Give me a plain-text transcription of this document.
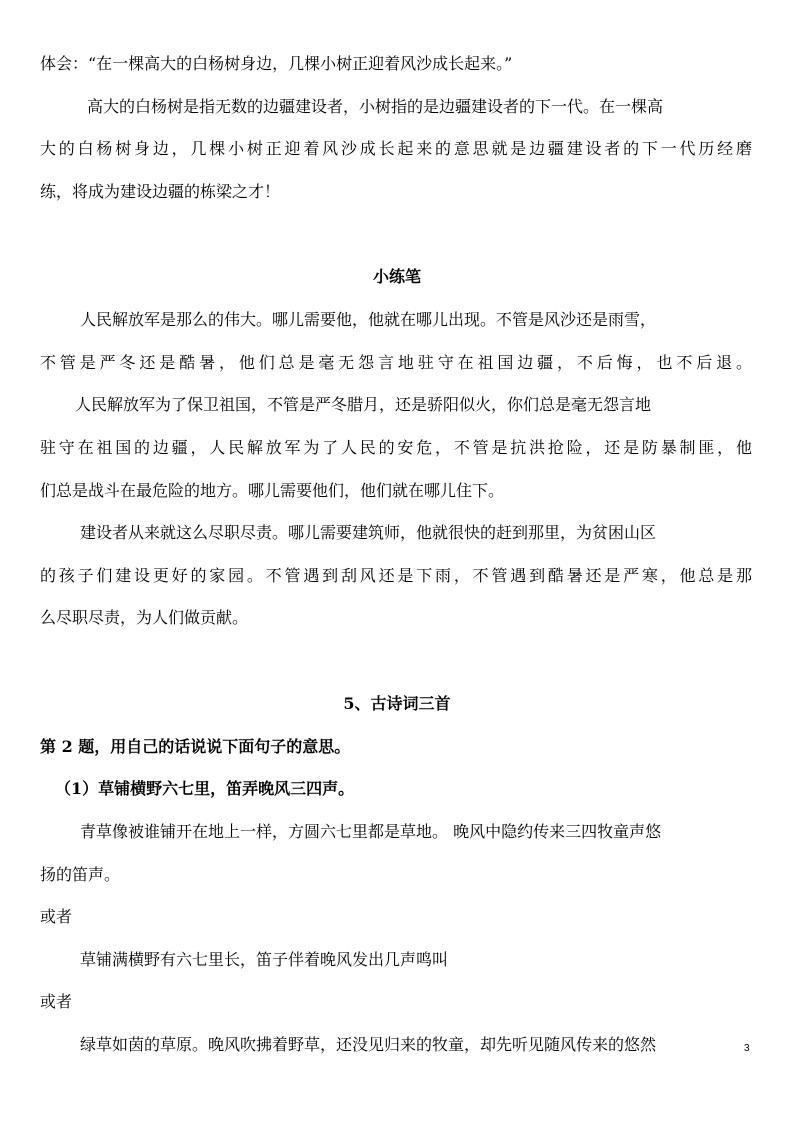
体会：“在一棵高大的白杨树身边，几棵小树正迎着风沙成长起来。”
高大的白杨树是指无数的边疆建设者，小树指的是边疆建设者的下一代。在一棵高
大的白杨树身边，几棵小树正迎着风沙成长起来的意思就是边疆建设者的下一代历经磨
练，将成为建设边疆的栋梁之才！
小练笔
人民解放军是那么的伟大。哪儿需要他，他就在哪儿出现。不管是风沙还是雨雪，
不管是严冬还是酷暑，他们总是毫无怨言地驻守在祖国边疆，不后悔，也不后退。
人民解放军为了保卫祖国，不管是严冬腊月，还是骄阳似火，你们总是毫无怨言地
驻守在祖国的边疆，人民解放军为了人民的安危，不管是抗洪抢险，还是防暴制匪，他
们总是战斗在最危险的地方。哪儿需要他们，他们就在哪儿住下。
建设者从来就这么尽职尽责。哪儿需要建筑师，他就很快的赶到那里，为贫困山区
的孩子们建设更好的家园。不管遇到刮风还是下雨，不管遇到酷暑还是严寒，他总是那
么尽职尽责，为人们做贡献。
5、古诗词三首
第 2 题，用自己的话说说下面句子的意思。
（1）草铺横野六七里，笛弄晚风三四声。
青草像被谁铺开在地上一样，方圆六七里都是草地。 晚风中隐约传来三四牧童声悠
扬的笛声。
或者
草铺满横野有六七里长，笛子伴着晚风发出几声鸣叫
或者
绿草如茵的草原。晚风吹拂着野草，还没见归来的牧童，却先听见随风传来的悠然	3
